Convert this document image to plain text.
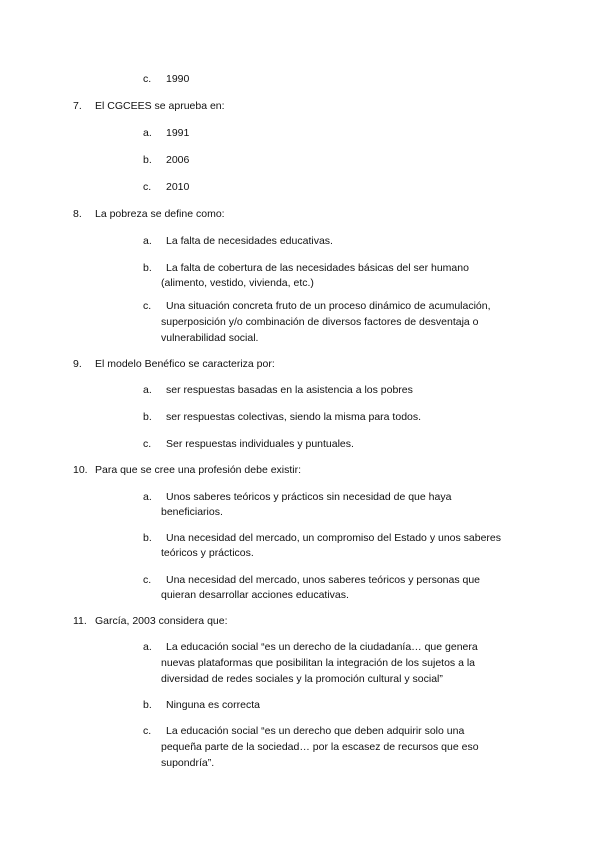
c. 1990
7. El CGCEES se aprueba en:
a. 1991
b. 2006
c. 2010
8. La pobreza se define como:
a. La falta de necesidades educativas.
b. La falta de cobertura de las necesidades básicas del ser humano
(alimento, vestido, vivienda, etc.)
c. Una situación concreta fruto de un proceso dinámico de acumulación,
superposición y/o combinación de diversos factores de desventaja o
vulnerabilidad social.
9. El modelo Benéfico se caracteriza por:
a. ser respuestas basadas en la asistencia a los pobres
b. ser respuestas colectivas, siendo la misma para todos.
c. Ser respuestas individuales y puntuales.
10. Para que se cree una profesión debe existir:
a. Unos saberes teóricos y prácticos sin necesidad de que haya
beneficiarios.
b. Una necesidad del mercado, un compromiso del Estado y unos saberes
teóricos y prácticos.
c. Una necesidad del mercado, unos saberes teóricos y personas que
quieran desarrollar acciones educativas.
11. García, 2003 considera que:
a. La educación social “es un derecho de la ciudadanía… que genera
nuevas plataformas que posibilitan la integración de los sujetos a la
diversidad de redes sociales y la promoción cultural y social”
b. Ninguna es correcta
c. La educación social “es un derecho que deben adquirir solo una
pequeña parte de la sociedad… por la escasez de recursos que eso
supondría”.
